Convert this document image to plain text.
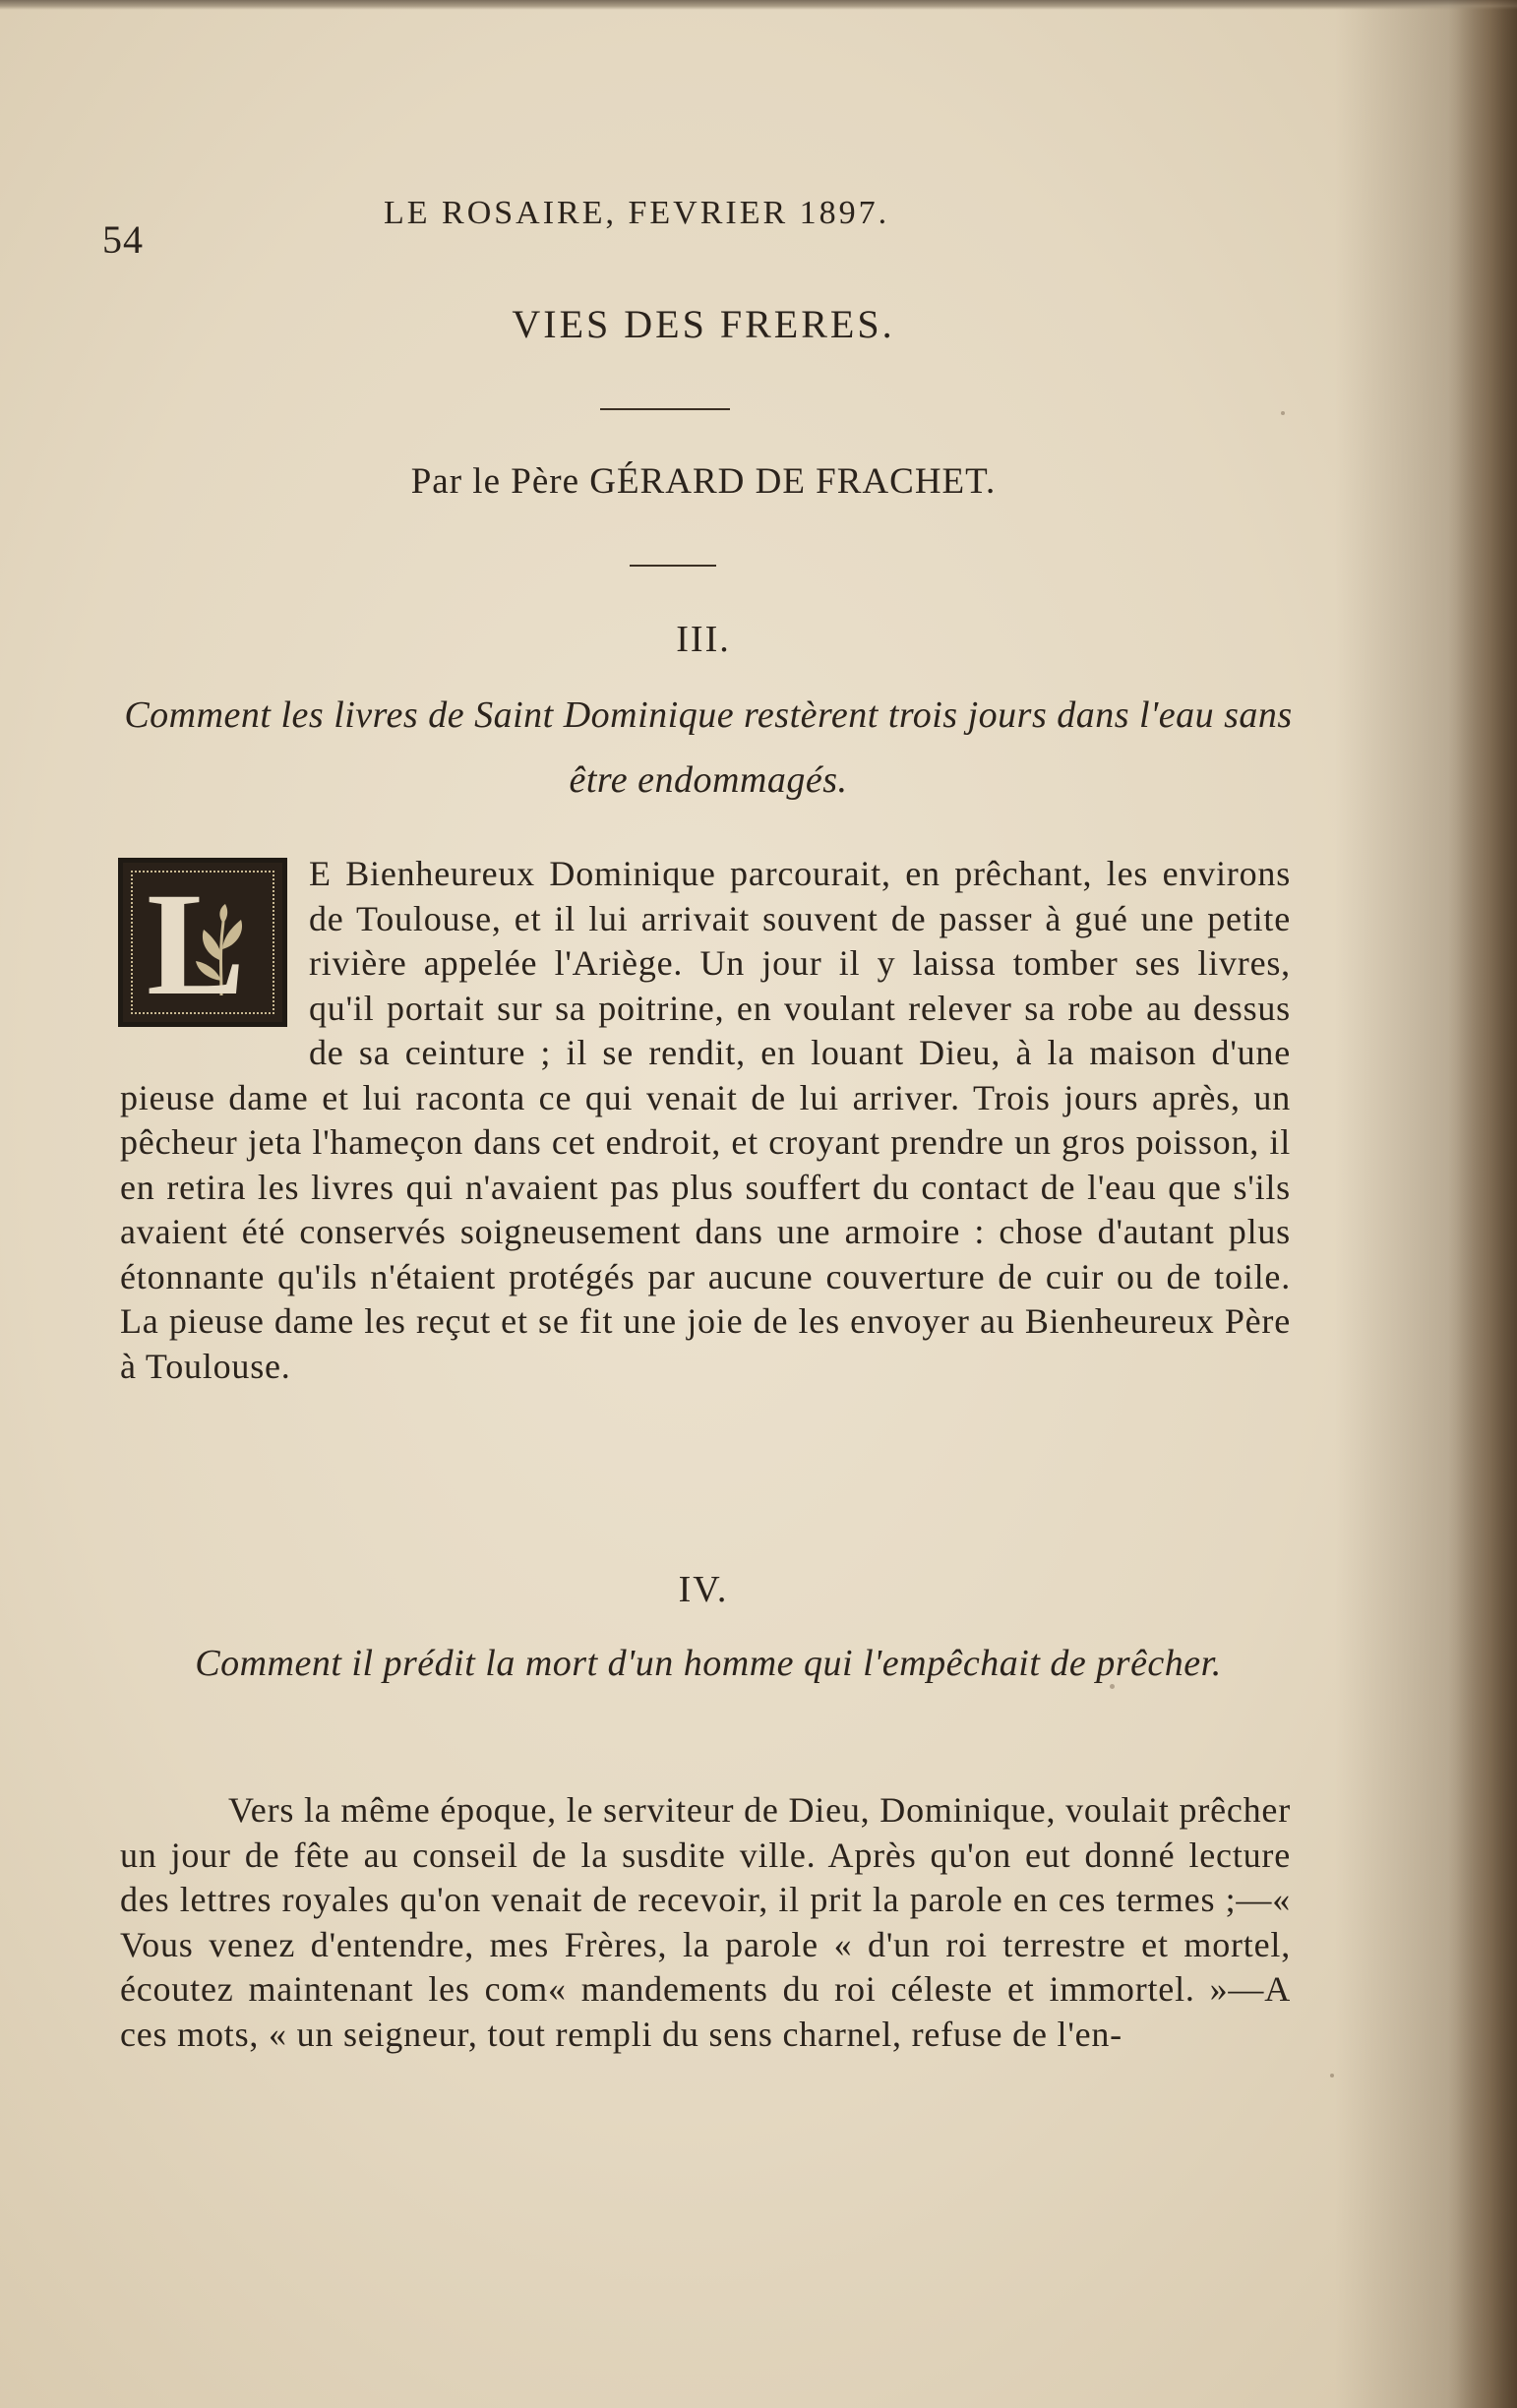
54
LE ROSAIRE, FEVRIER 1897.
VIES DES FRERES.
Par le Père GÉRARD DE FRACHET.
III.
Comment les livres de Saint Dominique restèrent trois jours dans l'eau sans être endommagés.
L E Bienheureux Dominique parcourait, en prêchant, les environs de Toulouse, et il lui arrivait souvent de passer à gué une petite rivière appelée l'Ariège. Un jour il y laissa tomber ses livres, qu'il portait sur sa poitrine, en voulant relever sa robe au dessus de sa ceinture ; il se rendit, en louant Dieu, à la maison d'une pieuse dame et lui raconta ce qui venait de lui arriver. Trois jours après, un pêcheur jeta l'hameçon dans cet endroit, et croyant prendre un gros poisson, il en retira les livres qui n'avaient pas plus souffert du contact de l'eau que s'ils avaient été conservés soigneusement dans une armoire : chose d'autant plus étonnante qu'ils n'étaient protégés par aucune couverture de cuir ou de toile. La pieuse dame les reçut et se fit une joie de les envoyer au Bienheureux Père à Toulouse.
IV.
Comment il prédit la mort d'un homme qui l'empêchait de prêcher.
Vers la même époque, le serviteur de Dieu, Dominique, voulait prêcher un jour de fête au conseil de la susdite ville. Après qu'on eut donné lecture des lettres royales qu'on venait de recevoir, il prit la parole en ces termes ;—« Vous venez d'entendre, mes Frères, la parole « d'un roi terrestre et mortel, écoutez maintenant les com« mandements du roi céleste et immortel. »—A ces mots, « un seigneur, tout rempli du sens charnel, refuse de l'en-
